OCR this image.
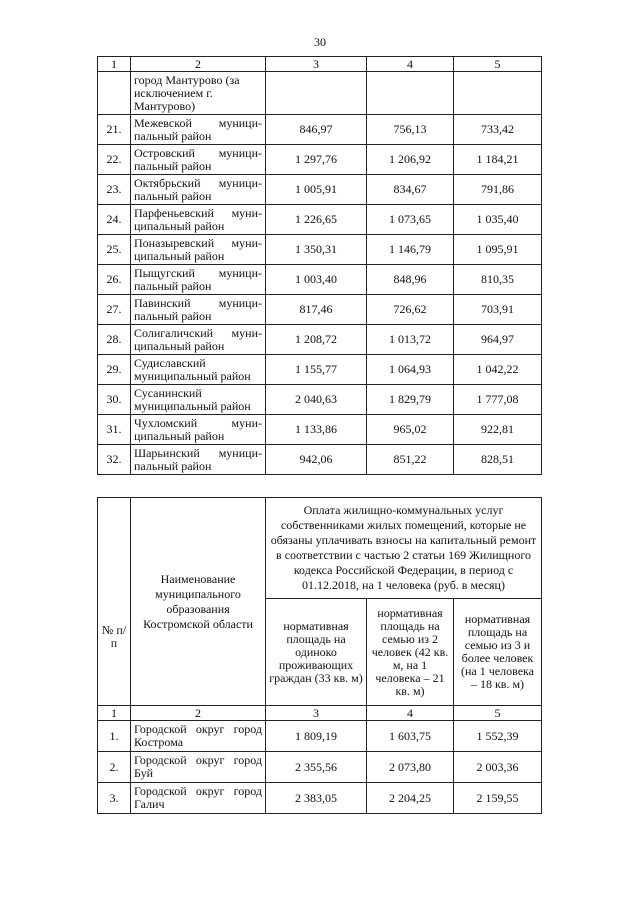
30
1	2	3	4	5
	город Мантурово (за исключением г. Мантурово)			
21.	Межевской муници-пальный район	846,97	756,13	733,42
22.	Островский муници-пальный район	1 297,76	1 206,92	1 184,21
23.	Октябрьский муници-пальный район	1 005,91	834,67	791,86
24.	Парфеньевский муни-ципальный район	1 226,65	1 073,65	1 035,40
25.	Поназыревский муни-ципальный район	1 350,31	1 146,79	1 095,91
26.	Пыщугский муници-пальный район	1 003,40	848,96	810,35
27.	Павинский муници-пальный район	817,46	726,62	703,91
28.	Солигаличский муни-ципальный район	1 208,72	1 013,72	964,97
29.	Судиславский муниципальный район	1 155,77	1 064,93	1 042,22
30.	Сусанинский муниципальный район	2 040,63	1 829,79	1 777,08
31.	Чухломский муни-ципальный район	1 133,86	965,02	922,81
32.	Шарьинский муници-пальный район	942,06	851,22	828,51
№ п/п	Наименование муниципального образования Костромской области	Оплата жилищно-коммунальных услуг собственниками жилых помещений, которые не обязаны уплачивать взносы на капитальный ремонт в соответствии с частью 2 статьи 169 Жилищного кодекса Российской Федерации, в период с 01.12.2018, на 1 человека (руб. в месяц)		
		нормативная площадь на одиноко проживающих граждан (33 кв. м)	нормативная площадь на семью из 2 человек (42 кв. м, на 1 человека – 21 кв. м)	нормативная площадь на семью из 3 и более человек (на 1 человека – 18 кв. м)
1	2	3	4	5
1.	Городской округ город Кострома	1 809,19	1 603,75	1 552,39
2.	Городской округ город Буй	2 355,56	2 073,80	2 003,36
3.	Городской округ город Галич	2 383,05	2 204,25	2 159,55
